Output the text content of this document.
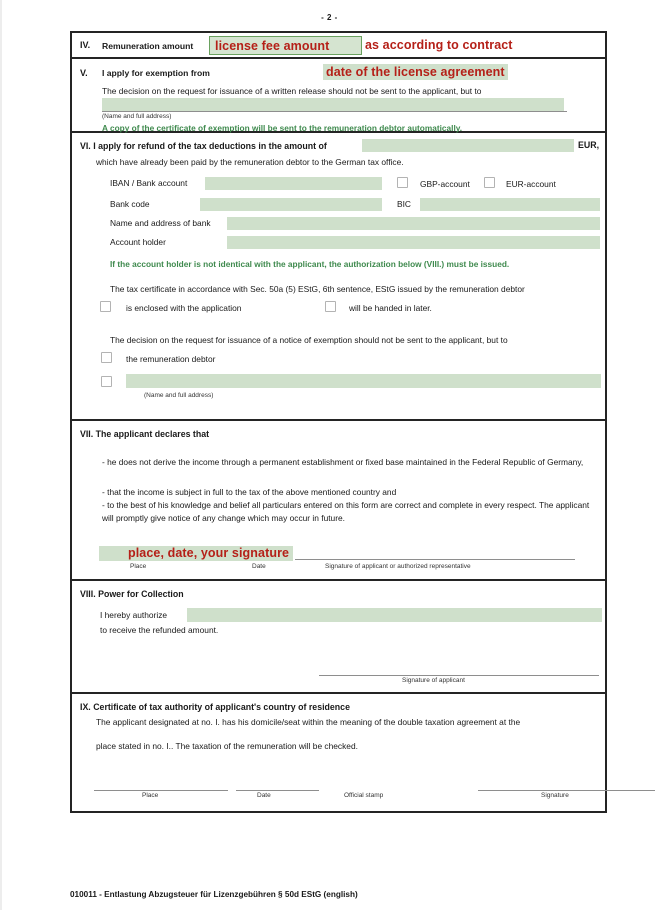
- 2 -
IV. Remuneration amount license fee amount	as according to contract
V. I apply for exemption from	date of the license agreement
The decision on the request for issuance of a written release should not be sent to the applicant, but to
(Name and full address)
A copy of the certificate of exemption will be sent to the remuneration debtor automatically.
VI. I apply for refund of the tax deductions in the amount of	EUR,
which have already been paid by the remuneration debtor to the German tax office.
IBAN / Bank account	GBP-account	EUR-account
Bank code	BIC
Name and address of bank
Account holder
If the account holder is not identical with the applicant, the authorization below (VIII.) must be issued.
The tax certificate in accordance with Sec. 50a (5) EStG, 6th sentence, EStG issued by the remuneration debtor
is enclosed with the application	will be handed in later.
The decision on the request for issuance of a notice of exemption should not be sent to the applicant, but to
the remuneration debtor
(Name and full address)
VII. The applicant declares that
- he does not derive the income through a permanent establishment or fixed base maintained in the Federal Republic of Germany,
- that the income is subject in full to the tax of the above mentioned country and
- to the best of his knowledge and belief all particulars entered on this form are correct and complete in every respect. The applicant will promptly give notice of any change which may occur in future.
place, date, your signature
Place	Date	Signature of applicant or authorized representative
VIII. Power for Collection
I hereby authorize
to receive the refunded amount.
Signature of applicant
IX. Certificate of tax authority of applicant's country of residence
The applicant designated at no. I. has his domicile/seat within the meaning of the double taxation agreement at the
place stated in no. I.. The taxation of the remuneration will be checked.
Place	Date	Official stamp	Signature
010011 - Entlastung Abzugsteuer für Lizenzgebühren § 50d EStG (english)
